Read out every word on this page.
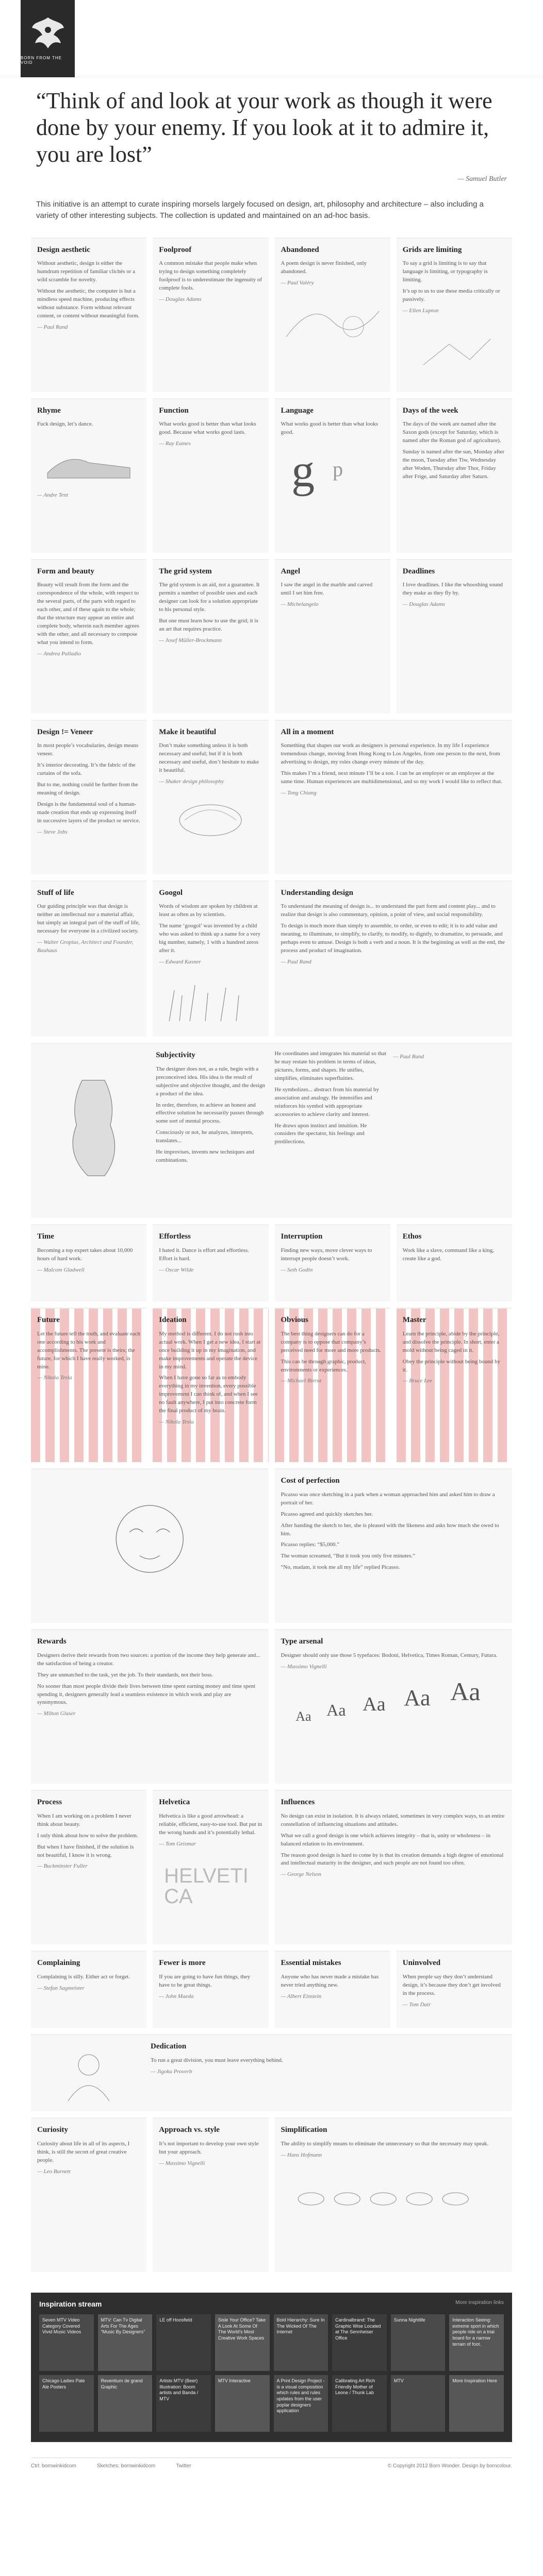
BORN FROM THE VOID
“Think of and look at your work as though it were done by your enemy. If you look at it to admire it, you are lost”
— Samuel Butler

This initiative is an attempt to curate inspiring morsels largely focused on design, art, philosophy and architecture – also including a variety of other interesting subjects. The collection is updated and maintained on an ad-hoc basis.

Design aesthetic

Without aesthetic, design is either the humdrum repetition of familiar clichés or a wild scramble for novelty.

Without the aesthetic, the computer is but a mindless speed machine, producing effects without substance. Form without relevant content, or content without meaningful form.

— Paul Rand
Foolproof

A common mistake that people make when trying to design something completely foolproof is to underestimate the ingenuity of complete fools.

— Douglas Adams
Abandoned

A poem design is never finished, only abandoned.

— Paul Valéry
Grids are limiting

To say a grid is limiting is to say that language is limiting, or typography is limiting.

It’s up to us to use these media critically or passively.

— Ellen Lupton
Rhyme

Fuck design, let’s dance.

— Andre Tent
Function

What works good is better than what looks good. Because what works good lasts.

— Ray Eames
Language

What works good is better than what looks good.

g p
Days of the week

The days of the week are named after the Saxon gods (except for Saturday, which is named after the Roman god of agriculture).

Sunday is named after the sun, Monday after the moon, Tuesday after Tiw, Wednesday after Woden, Thursday after Thor, Friday after Frige, and Saturday after Saturn.

Form and beauty

Beauty will result from the form and the correspondence of the whole, with respect to the several parts, of the parts with regard to each other, and of these again to the whole; that the structure may appear an entire and complete body, wherein each member agrees with the other, and all necessary to compose what you intend to form.

— Andrea Palladio
The grid system

The grid system is an aid, not a guarantee. It permits a number of possible uses and each designer can look for a solution appropriate to his personal style.

But one must learn how to use the grid; it is an art that requires practice.

— Josef Müller-Brockmann
Angel

I saw the angel in the marble and carved until I set him free.

— Michelangelo
Deadlines

I love deadlines. I like the whooshing sound they make as they fly by.

— Douglas Adams
Design != Veneer

In most people’s vocabularies, design means veneer.

It’s interior decorating. It’s the fabric of the curtains of the sofa.

But to me, nothing could be further from the meaning of design.

Design is the fundamental soul of a human-made creation that ends up expressing itself in successive layers of the product or service.

— Steve Jobs
Make it beautiful

Don’t make something unless it is both necessary and useful; but if it is both necessary and useful, don’t hesitate to make it beautiful.

— Shaker design philosophy
All in a moment

Something that shapes our work as designers is personal experience. In my life I experience tremendous change, moving from Hong Kong to Los Angeles, from one person to the next, from advertising to design, my roles change every minute of the day.

This makes I’m a friend, next minute I’ll be a son. I can be an employer or an employee at the same time. Human experiences are multidimensional, and so my work I would like to reflect that.

— Tong Chiang
Stuff of life

Our guiding principle was that design is neither an intellectual nor a material affair, but simply an integral part of the stuff of life, necessary for everyone in a civilized society.

— Walter Gropius, Architect and Founder, Bauhaus
Googol

Words of wisdom are spoken by children at least as often as by scientists.

The name ‘googol’ was invented by a child who was asked to think up a name for a very big number, namely, 1 with a hundred zeros after it.

— Edward Kasner
Understanding design

To understand the meaning of design is... to understand the part form and content play... and to realize that design is also commentary, opinion, a point of view, and social responsibility.

To design is much more than simply to assemble, to order, or even to edit; it is to add value and meaning, to illuminate, to simplify, to clarify, to modify, to dignify, to dramatize, to persuade, and perhaps even to amuse. Design is both a verb and a noun. It is the beginning as well as the end, the process and product of imagination.

— Paul Rand
Subjectivity

The designer does not, as a rule, begin with a preconceived idea. His idea is the result of subjective and objective thought, and the design a product of the idea.

In order, therefore, to achieve an honest and effective solution he necessarily passes through some sort of mental process.

Consciously or not, he analyzes, interprets, translates...

He improvises, invents new techniques and combinations.

He coordinates and integrates his material so that he may restate his problem in terms of ideas, pictures, forms, and shapes. He unifies, simplifies, eliminates superfluities.

He symbolizes... abstract from his material by association and analogy. He intensifies and reinforces his symbol with appropriate accessories to achieve clarity and interest.

He draws upon instinct and intuition. He considers the spectator, his feelings and predilections.

— Paul Rand
Time

Becoming a top expert takes about 10,000 hours of hard work.

— Malcom Gladwell
Effortless

I hated it. Dance is effort and effortless. Effort is hard.

— Oscar Wilde
Interruption

Finding new ways, move clever ways to interrupt people doesn’t work.

— Seth Godin
Ethos

Work like a slave, command like a king, create like a god.

Future

Let the future tell the truth, and evaluate each one according to his work and accomplishments. The present is theirs; the future, for which I have really worked, is mine.

— Nikola Tesla
Ideation

My method is different. I do not rush into actual work. When I get a new idea, I start at once building it up in my imagination, and make improvements and operate the device in my mind.

When I have gone so far as to embody everything in my invention, every possible improvement I can think of, and when I see no fault anywhere, I put into concrete form the final product of my brain.

— Nikola Tesla
Obvious

The best thing designers can do for a company is to oppose that company’s perceived need for more and more products.

This can be through graphic, product, environments or experiences.

— Michael Bierut
Master

Learn the principle, abide by the principle, and dissolve the principle. In short, enter a mold without being caged in it.

Obey the principle without being bound by it.

— Bruce Lee
Cost of perfection

Picasso was once sketching in a park when a woman approached him and asked him to draw a portrait of her.

Picasso agreed and quickly sketches her.

After handing the sketch to her, she is pleased with the likeness and asks how much she owed to him.

Picasso replies: “$5,000.”

The woman screamed, “But it took you only five minutes.”

“No, madam, it took me all my life” replied Picasso.

Rewards

Designers derive their rewards from two sources: a portion of the income they help generate and... the satisfaction of being a creator.

They are unmatched to the task, yet the job. To their standards, not their boss.

No sooner than most people divide their lives between time spent earning money and time spent spending it, designers generally lead a seamless existence in which work and play are synonymous.

— Milton Glaser
Type arsenal

Designer should only use those 5 typefaces: Bodoni, Helvetica, Times Roman, Century, Futura.

— Massimo Vignelli
Aa Aa Aa Aa Aa
Process

When I am working on a problem I never think about beauty.

I only think about how to solve the problem.

But when I have finished, if the solution is not beautiful, I know it is wrong.

— Buckminster Fuller
Helvetica

Helvetica is like a good arrowhead: a reliable, efficient, easy-to-use tool. But put in the wrong hands and it’s potentially lethal.

— Tom Geismar
HELVETI
CA
Influences

No design can exist in isolation. It is always related, sometimes in very complex ways, to an entire constellation of influencing situations and attitudes.

What we call a good design is one which achieves integrity – that is, unity or wholeness – in balanced relation to its environment.

The reason good design is hard to come by is that its creation demands a high degree of emotional and intellectual maturity in the designer, and such people are not found too often.

— George Nelson
Complaining

Complaining is silly. Either act or forget.

— Stefan Sagmeister
Fewer is more

If you are going to have fun things, they have to be great things.

— John Maeda
Essential mistakes

Anyone who has never made a mistake has never tried anything new.

— Albert Einstein
Uninvolved

When people say they don’t understand design, it’s because they don’t get involved in the process.

— Tom Dair
Dedication

To run a great division, you must leave everything behind.

— Jigoku Proverb
Curiosity

Curiosity about life in all of its aspects, I think, is still the secret of great creative people.

— Leo Burnett
Approach vs. style

It’s not important to develop your own style but your approach.

— Massimo Vignelli
Simplification

The ability to simplify means to eliminate the unnecessary so that the necessary may speak.

— Hans Hofmann
Inspiration stream	More inspiration links
Seven MTV Video Category Covered Vivid Music Videos
MTV: Can Tv Digital Arts For The Ages “Music By Designers”
LE off Hoosfield	Sisle Your Office? Take A Look At Some Of The World’s Most Creative Work Spaces
Bold Hierarchy: Sure In The Wicked Of The Internet
Cardinalbrand: The Graphic Wise Located at The Sennheiser Office
Sunna Nightlife	Interaction Seeing: extreme sport in which people ride on a trial board for a narrow terrain of foot.
Chicago Ladies Pale Ale Posters
Reventium de grand Graphic
Artists MTV (Beer) Illustration: Boom artists and Banda / MTV
MTV Interactive	A Print Design Project - is a visual composition which rules and rules updates from the user poplar designers application
Calibrating Art Rich Friendly Mother of Leone / Thunk Lab
MTV	More Inspiration Here
Ctrl: bornwinkidcom	Sketches: bornwinkidcom	Twitter	© Copyright 2012 Born Wonder. Design by borncolour.
